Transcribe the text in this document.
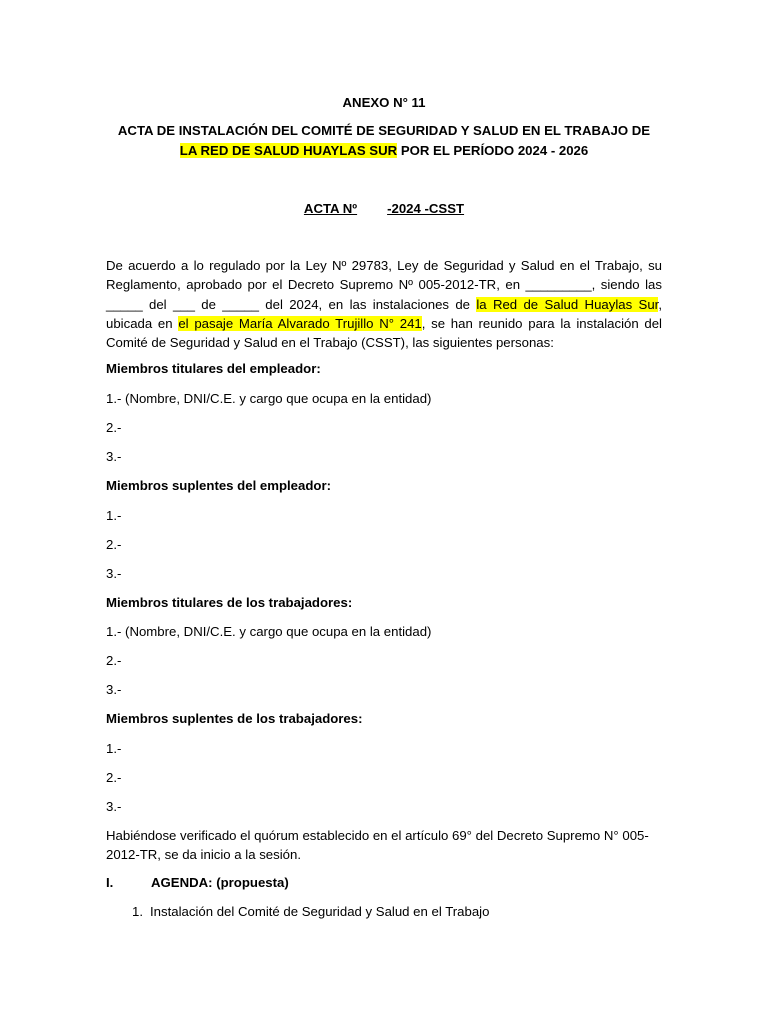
ANEXO N° 11
ACTA DE INSTALACIÓN DEL COMITÉ DE SEGURIDAD Y SALUD EN EL TRABAJO DE LA RED DE SALUD HUAYLAS SUR POR EL PERÍODO 2024 - 2026
ACTA Nº -2024 -CSST
De acuerdo a lo regulado por la Ley Nº 29783, Ley de Seguridad y Salud en el Trabajo, su Reglamento, aprobado por el Decreto Supremo Nº 005-2012-TR, en _________, siendo las _____ del ___ de _____ del 2024, en las instalaciones de la Red de Salud Huaylas Sur, ubicada en el pasaje María Alvarado Trujillo N° 241, se han reunido para la instalación del Comité de Seguridad y Salud en el Trabajo (CSST), las siguientes personas:
Miembros titulares del empleador:
1.- (Nombre, DNI/C.E. y cargo que ocupa en la entidad)
2.-
3.-
Miembros suplentes del empleador:
1.-
2.-
3.-
Miembros titulares de los trabajadores:
1.- (Nombre, DNI/C.E. y cargo que ocupa en la entidad)
2.-
3.-
Miembros suplentes de los trabajadores:
1.-
2.-
3.-
Habiéndose verificado el quórum establecido en el artículo 69° del Decreto Supremo N° 005-2012-TR, se da inicio a la sesión.
I.	AGENDA: (propuesta)
1. Instalación del Comité de Seguridad y Salud en el Trabajo
